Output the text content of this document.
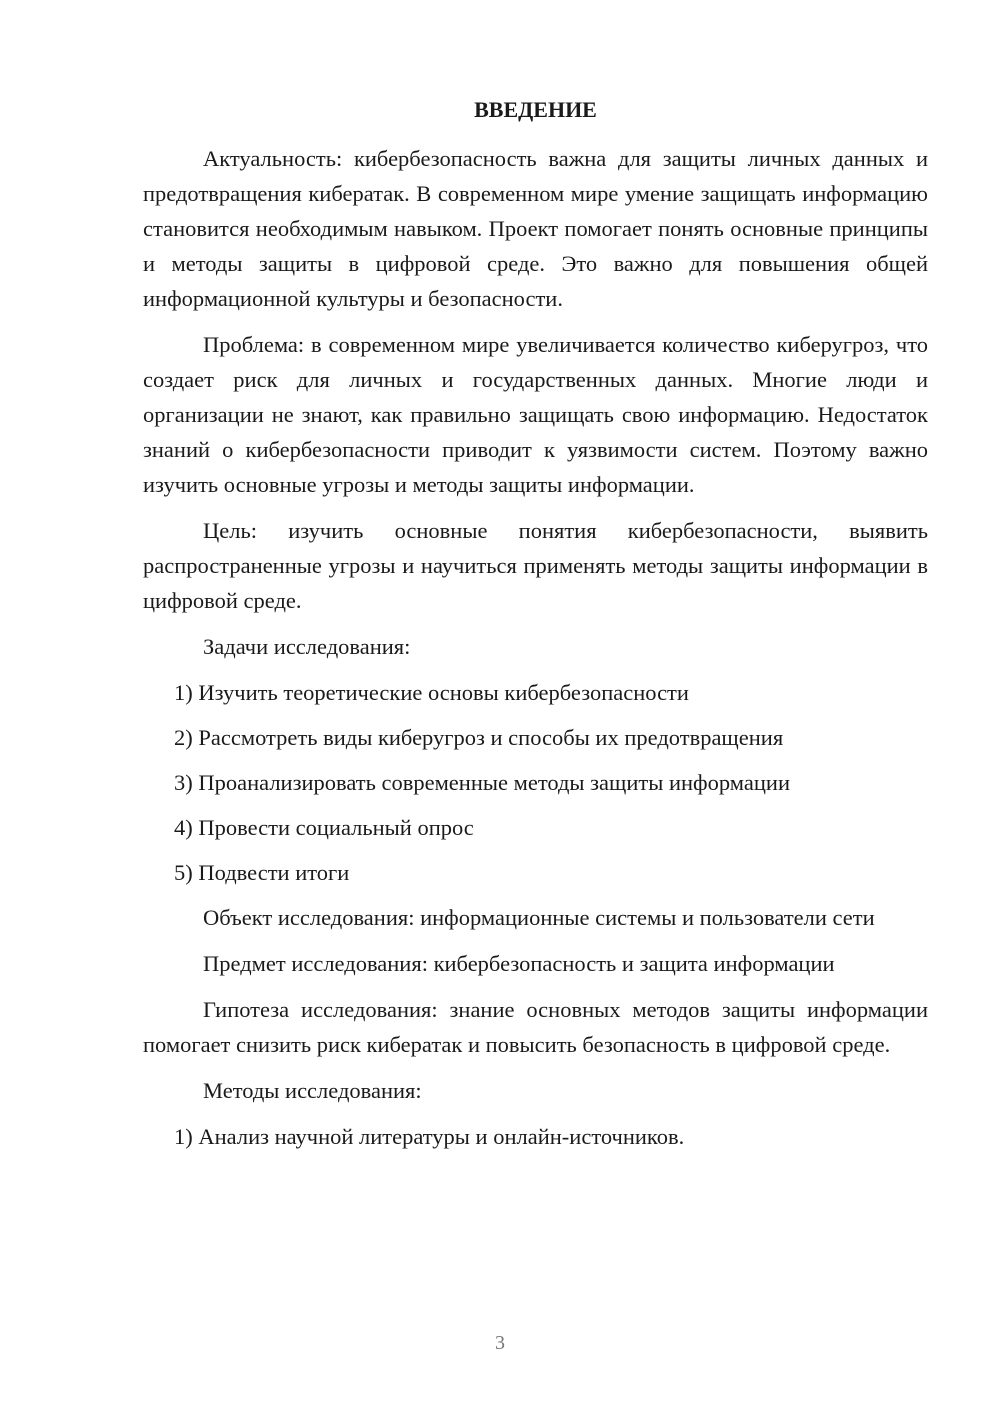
ВВЕДЕНИЕ

Актуальность: кибербезопасность важна для защиты личных данных и предотвращения кибератак. В современном мире умение защищать информацию становится необходимым навыком. Проект помогает понять основные принципы и методы защиты в цифровой среде. Это важно для повышения общей информационной культуры и безопасности.

Проблема: в современном мире увеличивается количество киберугроз, что создает риск для личных и государственных данных. Многие люди и организации не знают, как правильно защищать свою информацию. Недостаток знаний о кибербезопасности приводит к уязвимости систем. Поэтому важно изучить основные угрозы и методы защиты информации.

Цель: изучить основные понятия кибербезопасности, выявить распространенные угрозы и научиться применять методы защиты информации в цифровой среде.

Задачи исследования:

1) Изучить теоретические основы кибербезопасности

2) Рассмотреть виды киберугроз и способы их предотвращения

3) Проанализировать современные методы защиты информации

4) Провести социальный опрос

5) Подвести итоги

Объект исследования: информационные системы и пользователи сети

Предмет исследования: кибербезопасность и защита информации

Гипотеза исследования: знание основных методов защиты информации помогает снизить риск кибератак и повысить безопасность в цифровой среде.

Методы исследования:

1) Анализ научной литературы и онлайн-источников.

3
